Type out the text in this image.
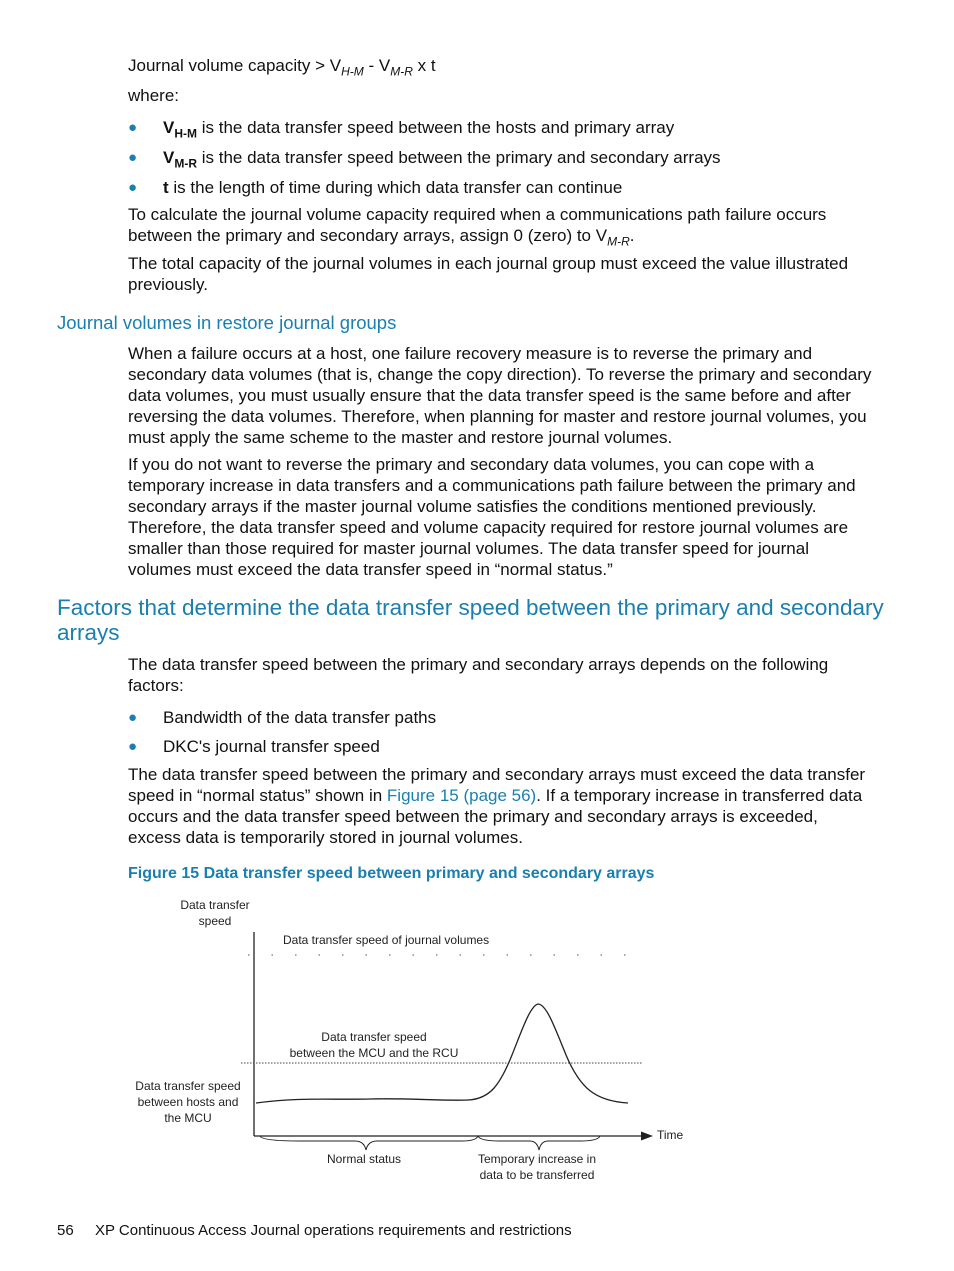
Journal volume capacity > $V_{H-M} - V_{M-R}$ x t
where:
● $V_{H-M}$ is the data transfer speed between the hosts and primary array
● $V_{M-R}$ is the data transfer speed between the primary and secondary arrays
● t is the length of time during which data transfer can continue

To calculate the journal volume capacity required when a communications path failure occurs between the primary and secondary arrays, assign 0 (zero) to $V_{M-R}$.

The total capacity of the journal volumes in each journal group must exceed the value illustrated previously.

Journal volumes in restore journal groups

When a failure occurs at a host, one failure recovery measure is to reverse the primary and secondary data volumes (that is, change the copy direction). To reverse the primary and secondary data volumes, you must usually ensure that the data transfer speed is the same before and after reversing the data volumes. Therefore, when planning for master and restore journal volumes, you must apply the same scheme to the master and restore journal volumes.

If you do not want to reverse the primary and secondary data volumes, you can cope with a temporary increase in data transfers and a communications path failure between the primary and secondary arrays if the master journal volume satisfies the conditions mentioned previously. Therefore, the data transfer speed and volume capacity required for restore journal volumes are smaller than those required for master journal volumes. The data transfer speed for journal volumes must exceed the data transfer speed in “normal status.”

Factors that determine the data transfer speed between the primary and secondary arrays

The data transfer speed between the primary and secondary arrays depends on the following factors:

● Bandwidth of the data transfer paths
● DKC's journal transfer speed

The data transfer speed between the primary and secondary arrays must exceed the data transfer speed in “normal status” shown in Figure 15 (page 56). If a temporary increase in transferred data occurs and the data transfer speed between the primary and secondary arrays is exceeded, excess data is temporarily stored in journal volumes.

Figure 15 Data transfer speed between primary and secondary arrays
Data transfer
speed
Data transfer speed of journal volumes
Data transfer speed
between the MCU and the RCU
Data transfer speed
between hosts and
the MCU
Time
Normal status	Temporary increase in
data to be transferred
56 XP Continuous Access Journal operations requirements and restrictions
